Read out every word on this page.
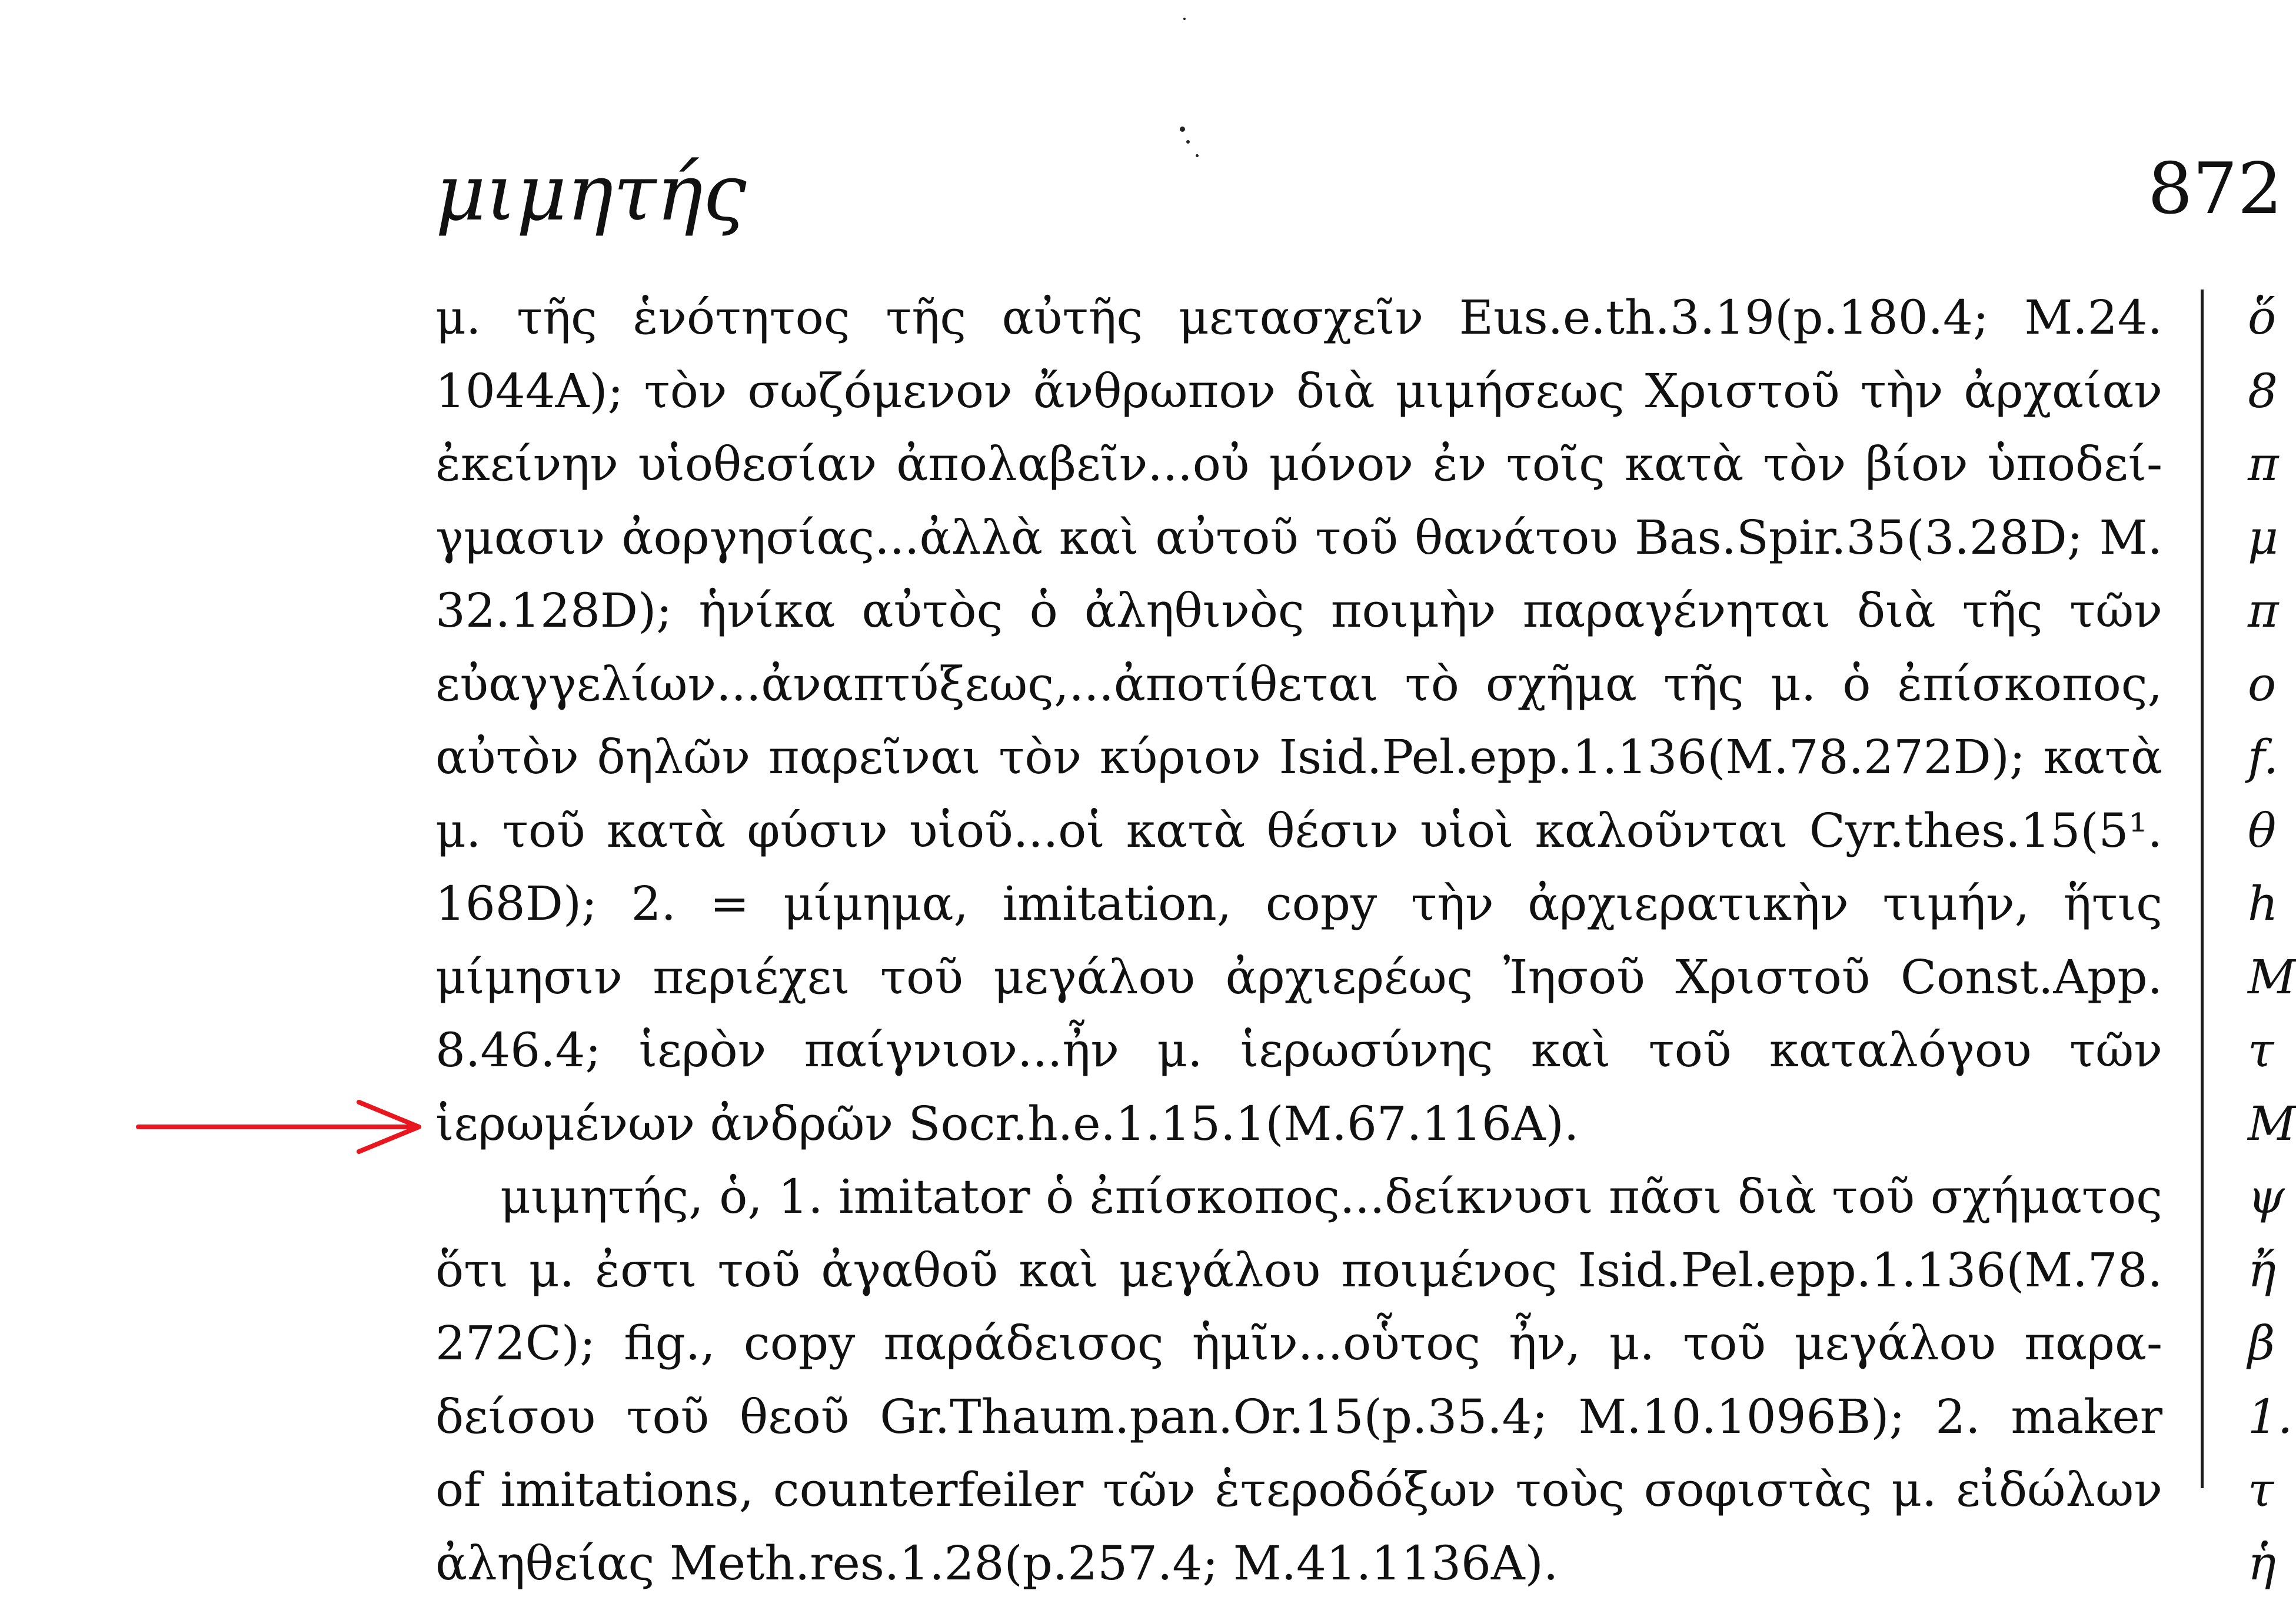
μιμητής	872
μ. τῆς ἑνότητος τῆς αὐτῆς μετασχεῖν Eus.e.th.3.19(p.180.4; M.24.
1044A); τὸν σωζόμενον ἄνθρωπον διὰ μιμήσεως Χριστοῦ τὴν ἀρχαίαν
ἐκείνην υἱοθεσίαν ἀπολαβεῖν...οὐ μόνον ἐν τοῖς κατὰ τὸν βίον ὑποδεί-
γμασιν ἀοργησίας...ἀλλὰ καὶ αὐτοῦ τοῦ θανάτου Bas.Spir.35(3.28D; M.
32.128D); ἡνίκα αὐτὸς ὁ ἀληθινὸς ποιμὴν παραγένηται διὰ τῆς τῶν
εὐαγγελίων...ἀναπτύξεως,...ἀποτίθεται τὸ σχῆμα τῆς μ. ὁ ἐπίσκοπος,
αὐτὸν δηλῶν παρεῖναι τὸν κύριον Isid.Pel.epp.1.136(M.78.272D); κατὰ
μ. τοῦ κατὰ φύσιν υἱοῦ...οἱ κατὰ θέσιν υἱοὶ καλοῦνται Cyr.thes.15(5¹.
168D); 2. = μίμημα, imitation, copy τὴν ἀρχιερατικὴν τιμήν, ἥτις
μίμησιν περιέχει τοῦ μεγάλου ἀρχιερέως Ἰησοῦ Χριστοῦ Const.App.
8.46.4; ἱερὸν παίγνιον...ἦν μ. ἱερωσύνης καὶ τοῦ καταλόγου τῶν
ἱερωμένων ἀνδρῶν Socr.h.e.1.15.1(M.67.116A).
μιμητής, ὁ, 1. imitator ὁ ἐπίσκοπος...δείκνυσι πᾶσι διὰ τοῦ σχήματος
ὅτι μ. ἐστι τοῦ ἀγαθοῦ καὶ μεγάλου ποιμένος Isid.Pel.epp.1.136(M.78.
272C); fig., copy παράδεισος ἡμῖν...οὗτος ἦν, μ. τοῦ μεγάλου παρα-
δείσου τοῦ θεοῦ Gr.Thaum.pan.Or.15(p.35.4; M.10.1096B); 2. maker
of imitations, counterfeiler τῶν ἑτεροδόξων τοὺς σοφιστὰς μ. εἰδώλων
ἀληθείας Meth.res.1.28(p.257.4; M.41.1136A).
ὅ
8
π
μ
π
ο
f.
θ
h
M
τ
M
ψ
ἤ
β
1.
τ
ἡ
